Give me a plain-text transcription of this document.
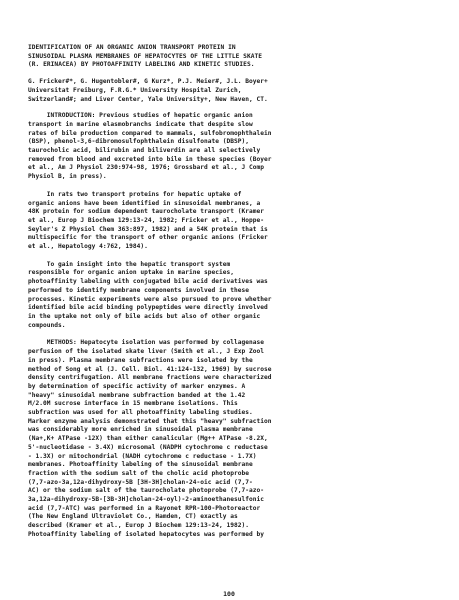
IDENTIFICATION OF AN ORGANIC ANION TRANSPORT PROTEIN IN
SINUSOIDAL PLASMA MEMBRANES OF HEPATOCYTES OF THE LITTLE SKATE
(R. ERINACEA) BY PHOTOAFFINITY LABELING AND KINETIC STUDIES.
G. Fricker#*, G. Hugentobler#, G Kurz*, P.J. Meier#, J.L. Boyer+
Universitat Freiburg, F.R.G.* University Hospital Zurich,
Switzerland#; and Liver Center, Yale University+, New Haven, CT.
INTRODUCTION: Previous studies of hepatic organic anion
transport in marine elasmobranchs indicate that despite slow
rates of bile production compared to mammals, sulfobromophthalein
(BSP), phenol-3,6-dibromosulfophthalein disulfonate (DBSP),
taurocholic acid, bilirubin and biliverdin are all selectively
removed from blood and excreted into bile in these species (Boyer
et al., Am J Physiol 230:974-98, 1976; Grossbard et al., J Comp
Physiol B, in press).
In rats two transport proteins for hepatic uptake of
organic anions have been identified in sinusoidal membranes, a
48K protein for sodium dependent taurocholate transport (Kramer
et al., Europ J Biochem 129:13-24, 1982; Fricker et al., Hoppe-
Seyler's Z Physiol Chem 363:897, 1982) and a 54K protein that is
multispecific for the transport of other organic anions (Fricker
et al., Hepatology 4:762, 1984).
To gain insight into the hepatic transport system
responsible for organic anion uptake in marine species,
photoaffinity labeling with conjugated bile acid derivatives was
performed to identify membrane components involved in these
processes. Kinetic experiments were also pursued to prove whether
identified bile acid binding polypeptides were directly involved
in the uptake not only of bile acids but also of other organic
compounds.
METHODS: Hepatocyte isolation was performed by collagenase
perfusion of the isolated skate liver (Smith et al., J Exp Zool
in press). Plasma membrane subfractions were isolated by the
method of Song et al (J. Cell. Biol. 41:124-132, 1969) by sucrose
density centrifugation. All membrane fractions were characterized
by determination of specific activity of marker enzymes. A
"heavy" sinusoidal membrane subfraction banded at the 1.42
M/2.0M sucrose interface in 15 membrane isolations. This
subfraction was used for all photoaffinity labeling studies.
Marker enzyme analysis demonstrated that this "heavy" subfraction
was considerably more enriched in sinusoidal plasma membrane
(Na+,K+ ATPase -12X) than either canalicular (Mg++ ATPase -8.2X,
5'-nucleotidase - 3.4X) microsomal (NADPH cytochrome c reductase
- 1.3X) or mitochondrial (NADH cytochrome c reductase - 1.7X)
membranes. Photoaffinity labeling of the sinusoidal membrane
fraction with the sodium salt of the cholic acid photoprobe
(7,7-azo-3a,12a-dihydroxy-5B [3H-3H]cholan-24-oic acid (7,7-
AC) or the sodium salt of the taurocholate photoprobe (7,7-azo-
3a,12a-dihydroxy-5B-[3B-3H]cholan-24-oyl)-2-aminoethanesulfonic
acid (7,7-ATC) was performed in a Rayonet RPR-100-Photoreactor
(The New England Ultraviolet Co., Hamden, CT) exactly as
described (Kramer et al., Europ J Biochem 129:13-24, 1982).
Photoaffinity labeling of isolated hepatocytes was performed by
100
